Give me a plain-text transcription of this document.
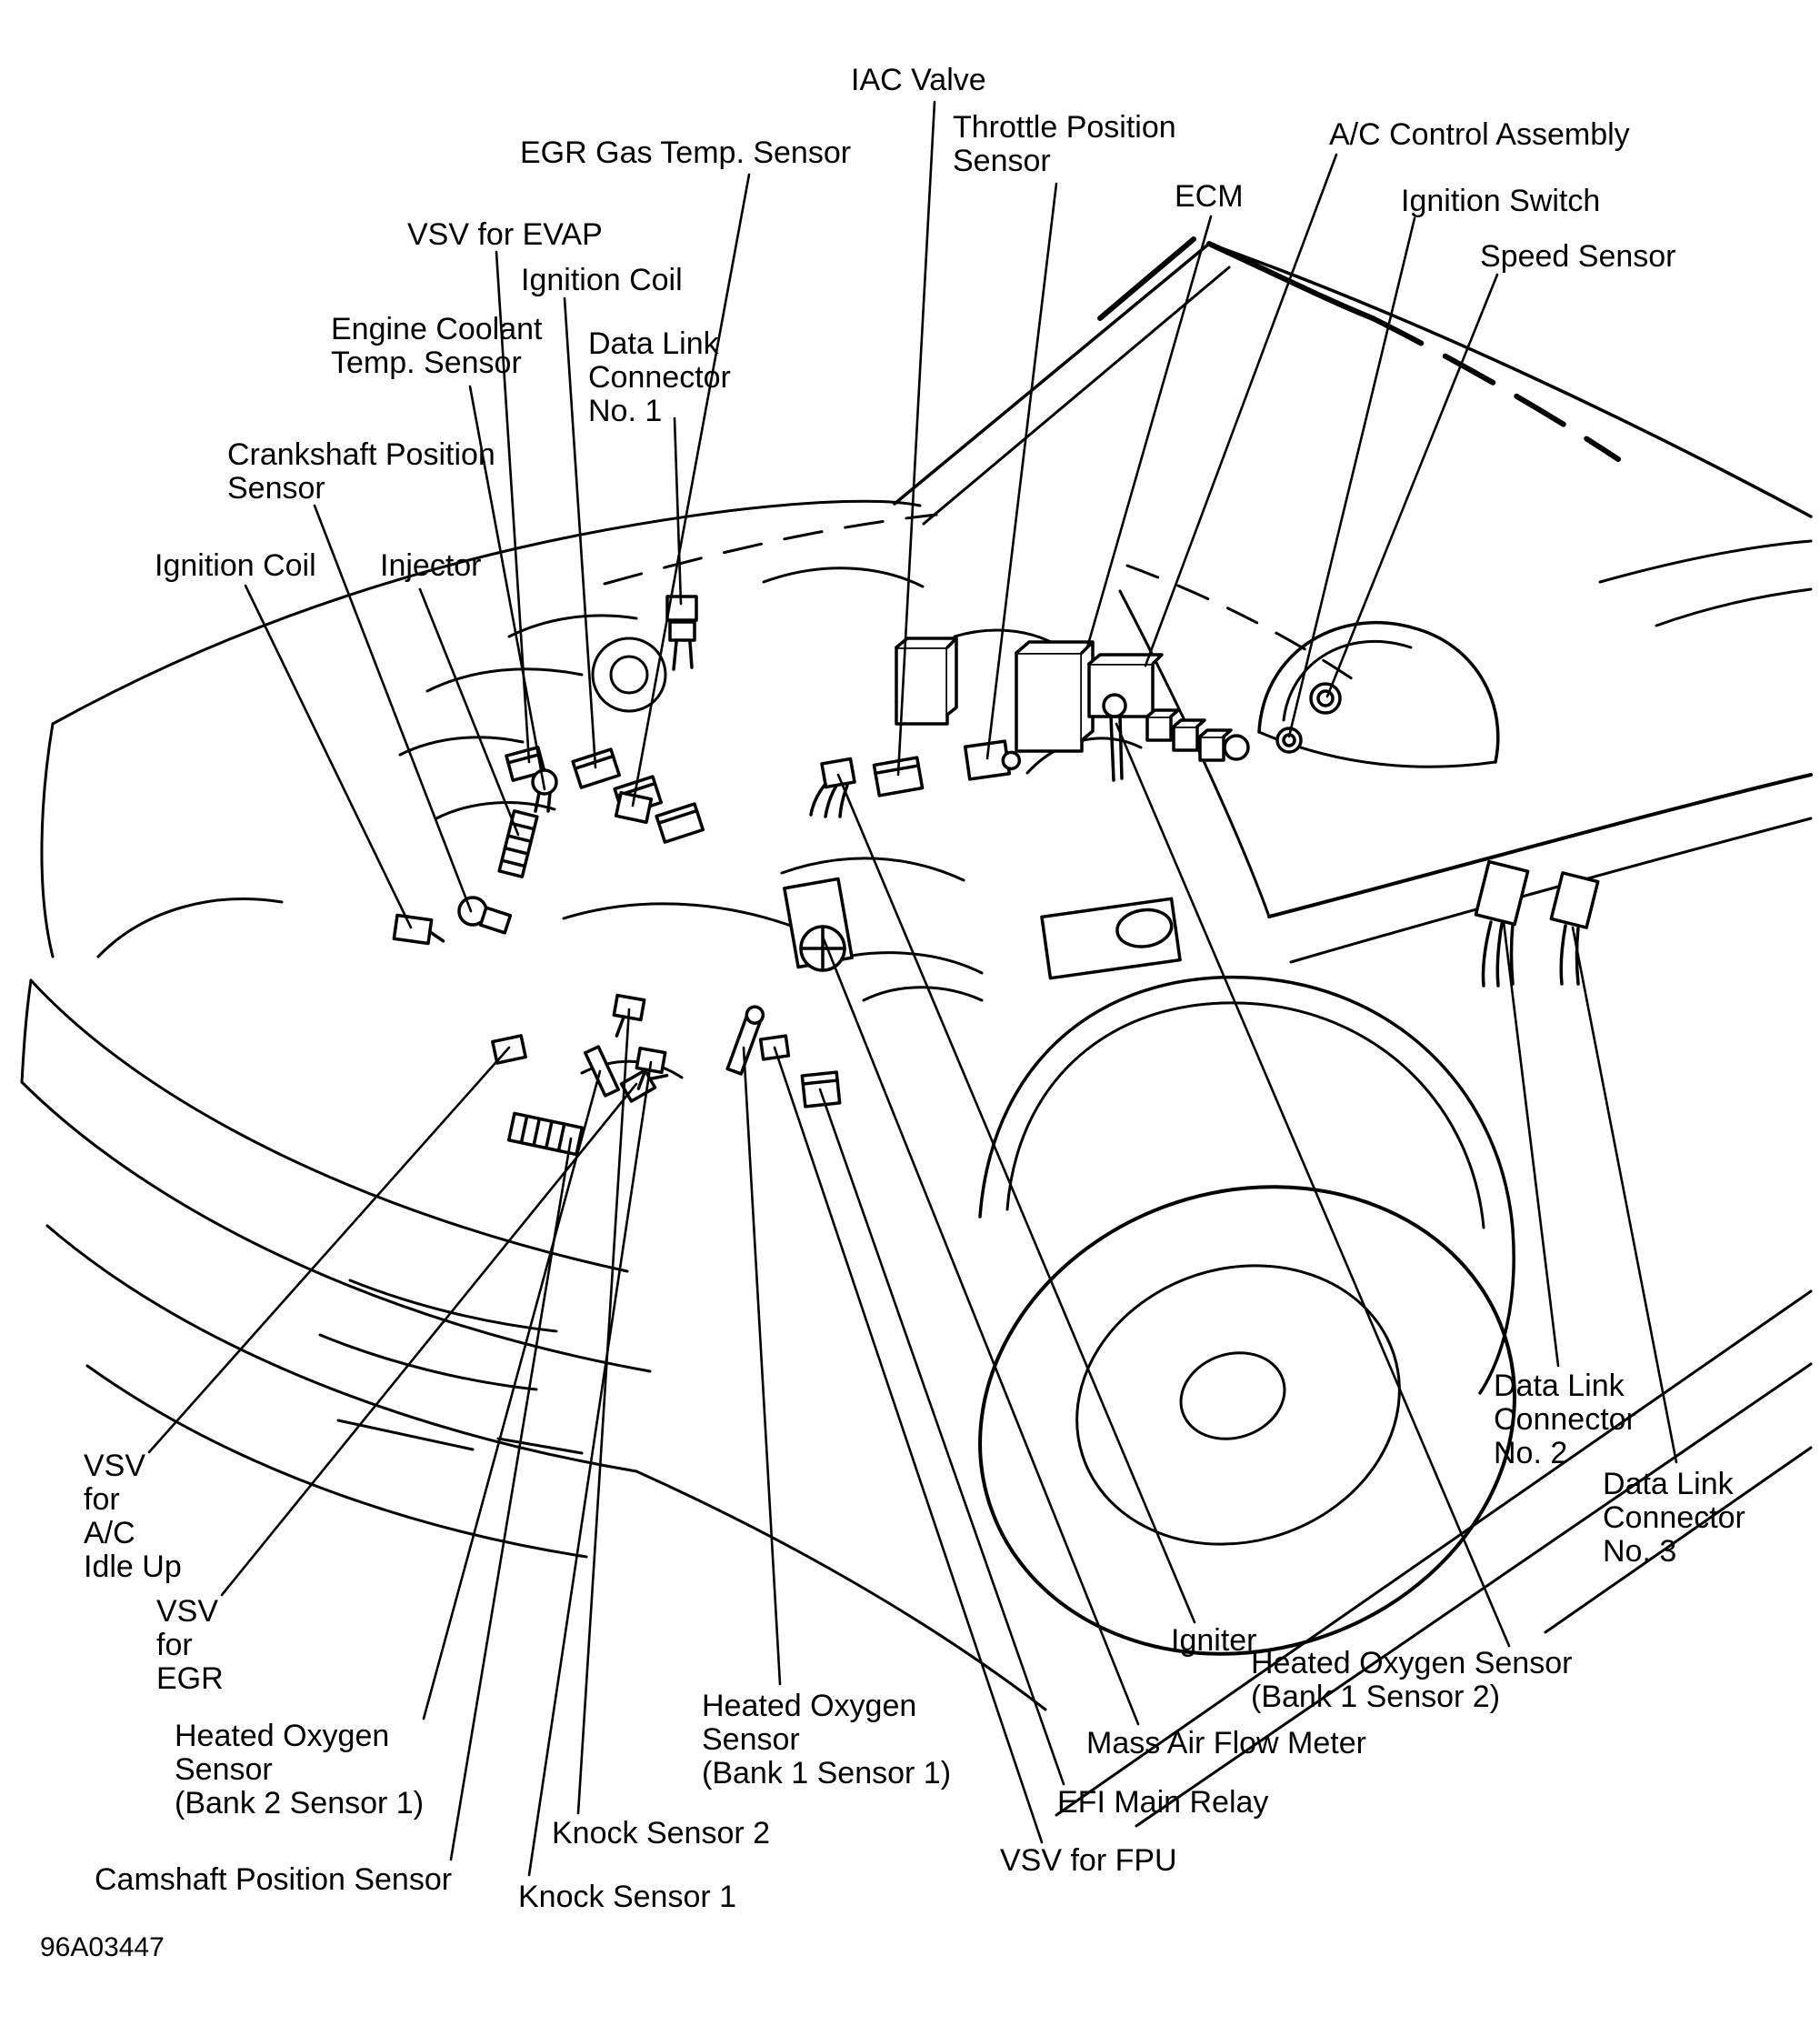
IAC Valve
Throttle Position
Sensor
A/C Control Assembly
EGR Gas Temp. Sensor
ECM	Ignition Switch
Speed Sensor
VSV for EVAP
Ignition Coil
Engine Coolant
Temp. Sensor
Data Link
Connector
No. 1
Crankshaft Position
Sensor
Ignition Coil Injector
VSV
for
A/C
Idle Up
VSV
for
EGR
Heated Oxygen
Sensor
(Bank 2 Sensor 1)
Camshaft Position Sensor
Knock Sensor 2
Knock Sensor 1
Heated Oxygen
Sensor
(Bank 1 Sensor 1)
VSV for FPU
EFI Main Relay
Mass Air Flow Meter
Igniter
Heated Oxygen Sensor
(Bank 1 Sensor 2)
Data Link
Connector
No. 2
Data Link
Connector
No. 3
96A03447
